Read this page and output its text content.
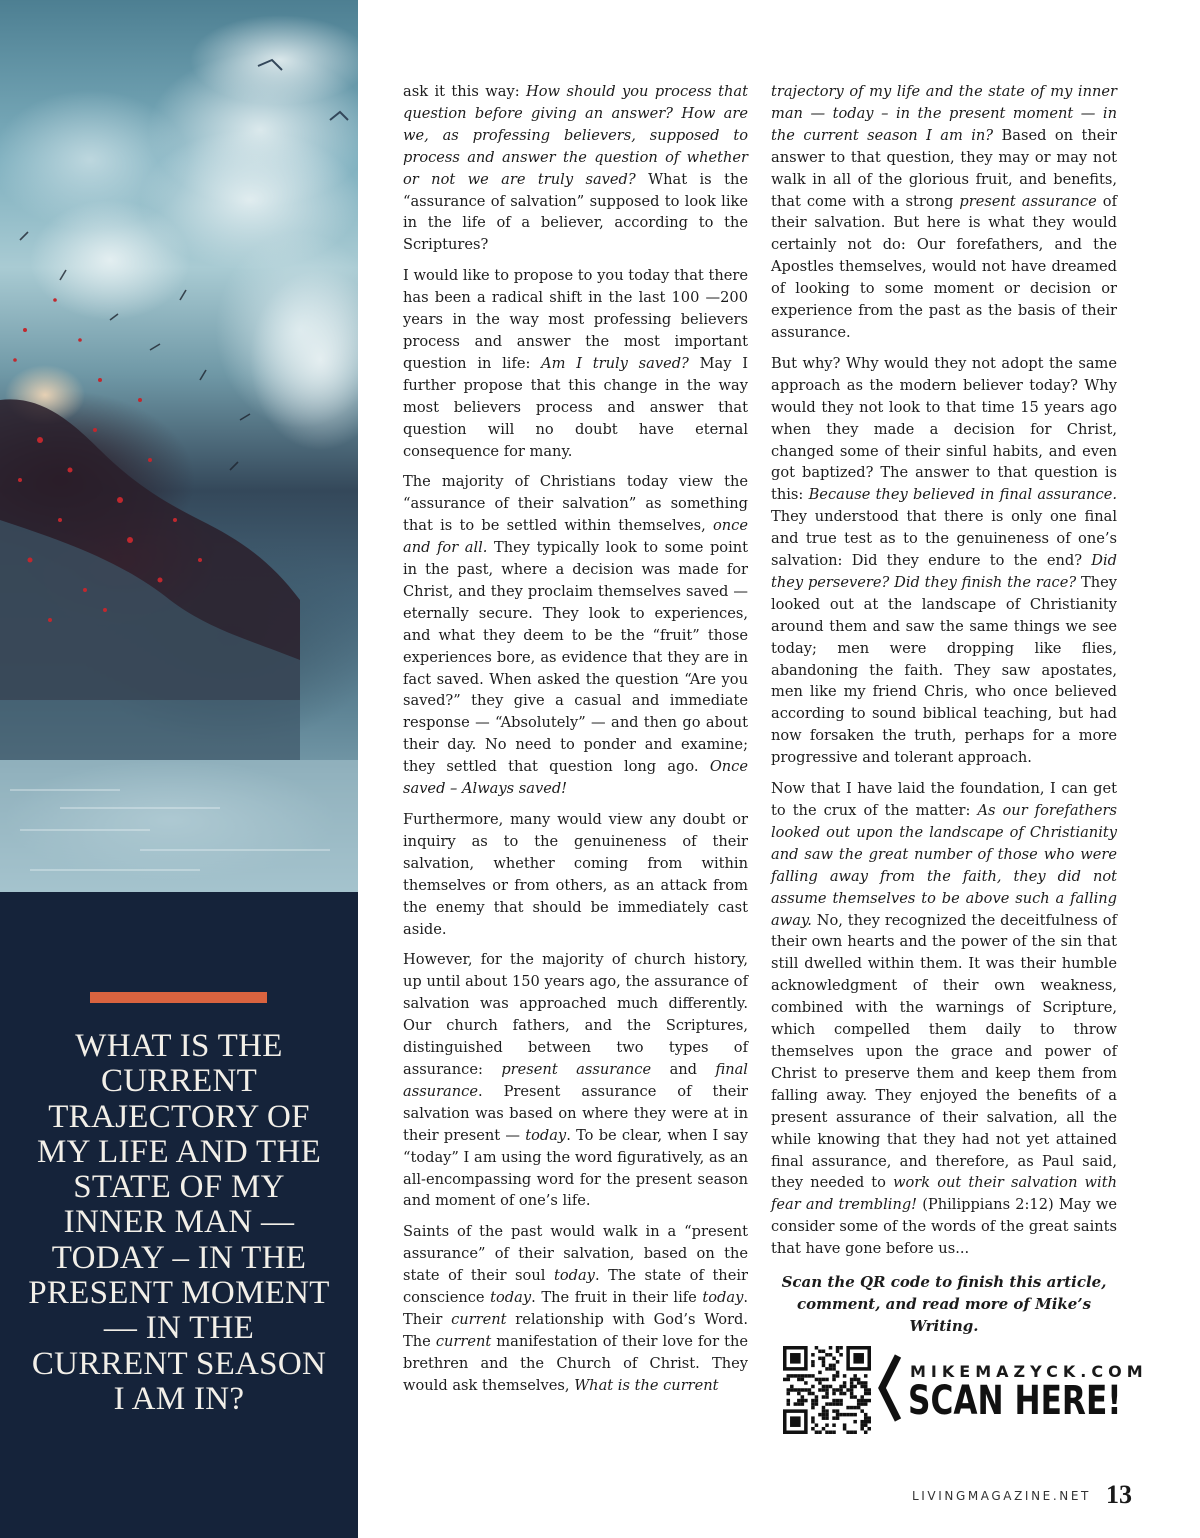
WHAT IS THE CURRENT TRAJECTORY OF MY LIFE AND THE STATE OF MY INNER MAN — TODAY – IN THE PRESENT MOMENT — IN THE CURRENT SEASON I AM IN?

ask it this way: How should you process that question before giving an answer? How are we, as professing believers, supposed to process and answer the question of whether or not we are truly saved? What is the “assurance of salvation” supposed to look like in the life of a believer, according to the Scriptures?

I would like to propose to you today that there has been a radical shift in the last 100 —200 years in the way most professing believers process and answer the most important question in life: Am I truly saved? May I further propose that this change in the way most believers process and answer that question will no doubt have eternal consequence for many.

The majority of Christians today view the “assurance of their salvation” as something that is to be settled within themselves, once and for all. They typically look to some point in the past, where a decision was made for Christ, and they proclaim themselves saved — eternally secure. They look to experiences, and what they deem to be the “fruit” those experiences bore, as evidence that they are in fact saved. When asked the question “Are you saved?” they give a casual and immediate response — “Absolutely” — and then go about their day. No need to ponder and examine; they settled that question long ago. Once saved – Always saved!

Furthermore, many would view any doubt or inquiry as to the genuineness of their salvation, whether coming from within themselves or from others, as an attack from the enemy that should be immediately cast aside.

However, for the majority of church history, up until about 150 years ago, the assurance of salvation was approached much differently. Our church fathers, and the Scriptures, distinguished between two types of assurance: present assurance and final assurance. Present assurance of their salvation was based on where they were at in their present — today. To be clear, when I say “today” I am using the word figuratively, as an all-encompassing word for the present season and moment of one’s life.

Saints of the past would walk in a “present assurance” of their salvation, based on the state of their soul today. The state of their conscience today. The fruit in their life today. Their current relationship with God’s Word. The current manifestation of their love for the brethren and the Church of Christ. They would ask themselves, What is the current

trajectory of my life and the state of my inner man — today – in the present moment — in the current season I am in? Based on their answer to that question, they may or may not walk in all of the glorious fruit, and benefits, that come with a strong present assurance of their salvation. But here is what they would certainly not do: Our forefathers, and the Apostles themselves, would not have dreamed of looking to some moment or decision or experience from the past as the basis of their assurance.

But why? Why would they not adopt the same approach as the modern believer today? Why would they not look to that time 15 years ago when they made a decision for Christ, changed some of their sinful habits, and even got baptized? The answer to that question is this: Because they believed in final assurance. They understood that there is only one final and true test as to the genuineness of one’s salvation: Did they endure to the end? Did they persevere? Did they finish the race? They looked out at the landscape of Christianity around them and saw the same things we see today; men were dropping like flies, abandoning the faith. They saw apostates, men like my friend Chris, who once believed according to sound biblical teaching, but had now forsaken the truth, perhaps for a more progressive and tolerant approach.

Now that I have laid the foundation, I can get to the crux of the matter: As our forefathers looked out upon the landscape of Christianity and saw the great number of those who were falling away from the faith, they did not assume themselves to be above such a falling away. No, they recognized the deceitfulness of their own hearts and the power of the sin that still dwelled within them. It was their humble acknowledgment of their own weakness, combined with the warnings of Scripture, which compelled them daily to throw themselves upon the grace and power of Christ to preserve them and keep them from falling away. They enjoyed the benefits of a present assurance of their salvation, all the while knowing that they had not yet attained final assurance, and therefore, as Paul said, they needed to work out their salvation with fear and trembling! (Philippians 2:12) May we consider some of the words of the great saints that have gone before us...

Scan the QR code to finish this article,
comment, and read more of Mike’s Writing.
MIKEMAZYCK.COM
SCAN HERE!
LIVINGMAGAZINE.NET 13
